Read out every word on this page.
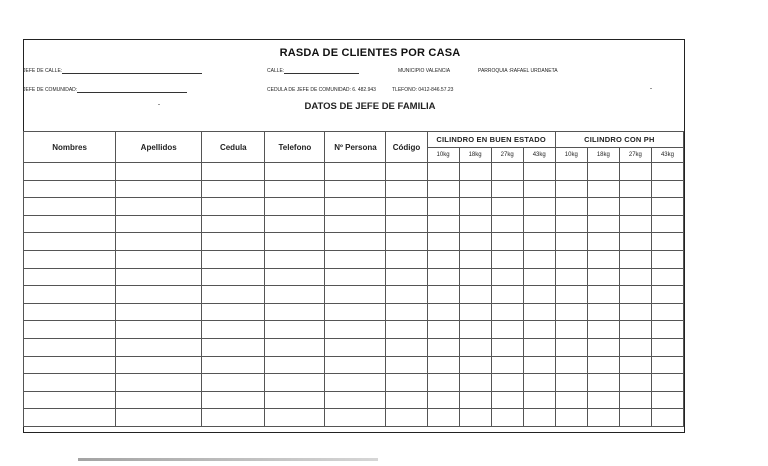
RASDA DE CLIENTES POR CASA
JEFE DE CALLE:
JEFE DE COMUNIDAD:
CALLE:	MUNICIPIO VALENCIA	PARROQUIA :RAFAEL URDANETA
CEDULA DE JEFE DE COMUNIDAD: 6. 482.943	TLEFONO: 0412-846.57.23
DATOS DE JEFE DE FAMILIA
Nombres	Apellidos	Cedula	Telefono	Nº Persona	Código	CILINDRO EN BUEN ESTADO				CILINDRO CON PH			
						10kg	18kg	27kg	43kg	10kg	18kg	27kg	43kg
